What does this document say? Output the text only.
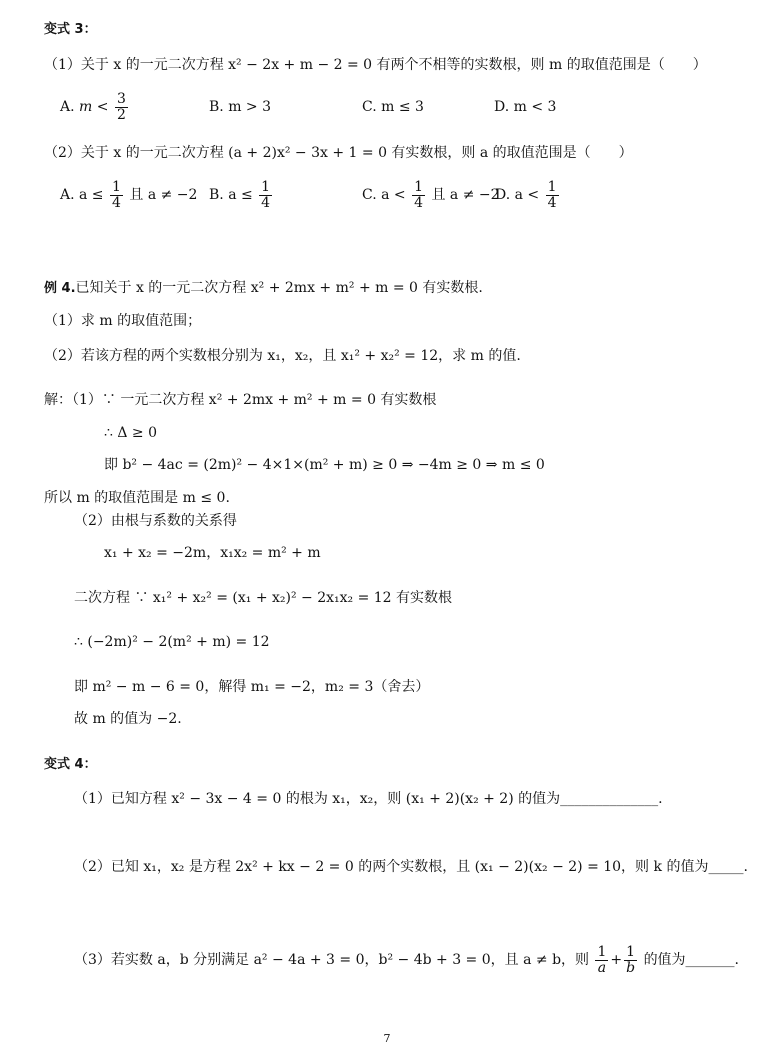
变式 3：
（1）关于 x 的一元二次方程 x² − 2x + m − 2 = 0 有两个不相等的实数根，则 m 的取值范围是（　　）
A. $m < \frac{3}{2}$	B. m > 3	C. m ≤ 3	D. m < 3
（2）关于 x 的一元二次方程 (a + 2)x² − 3x + 1 = 0 有实数根，则 a 的取值范围是（　　）
A. $a \le \frac{1}{4}$ 且 a ≠ −2 B. $a \le \frac{1}{4}$	C. $a < \frac{1}{4}$ 且 a ≠ −2
D. $a < \frac{1}{4}$
例 4.已知关于 x 的一元二次方程 x² + 2mx + m² + m = 0 有实数根.
（1）求 m 的取值范围；
（2）若该方程的两个实数根分别为 x₁，x₂，且 x₁² + x₂² = 12，求 m 的值.
解：（1）∵ 一元二次方程 x² + 2mx + m² + m = 0 有实数根
∴ Δ ≥ 0
即 b² − 4ac = (2m)² − 4×1×(m² + m) ≥ 0 ⇒ −4m ≥ 0 ⇒ m ≤ 0
所以 m 的取值范围是 m ≤ 0.
（2）由根与系数的关系得
x₁ + x₂ = −2m，x₁x₂ = m² + m
二次方程 ∵ x₁² + x₂² = (x₁ + x₂)² − 2x₁x₂ = 12 有实数根
∴ (−2m)² − 2(m² + m) = 12
即 m² − m − 6 = 0，解得 m₁ = −2，m₂ = 3（舍去）
故 m 的值为 −2.
变式 4：
（1）已知方程 x² − 3x − 4 = 0 的根为 x₁，x₂，则 (x₁ + 2)(x₂ + 2) 的值为______________.
（2）已知 x₁，x₂ 是方程 2x² + kx − 2 = 0 的两个实数根，且 (x₁ − 2)(x₂ − 2) = 10，则 k 的值为_____.
（3）若实数 a，b 分别满足 a² − 4a + 3 = 0，b² − 4b + 3 = 0，且 a ≠ b，则 $\frac{1}{a} + \frac{1}{b}$ 的值为_______.
7
